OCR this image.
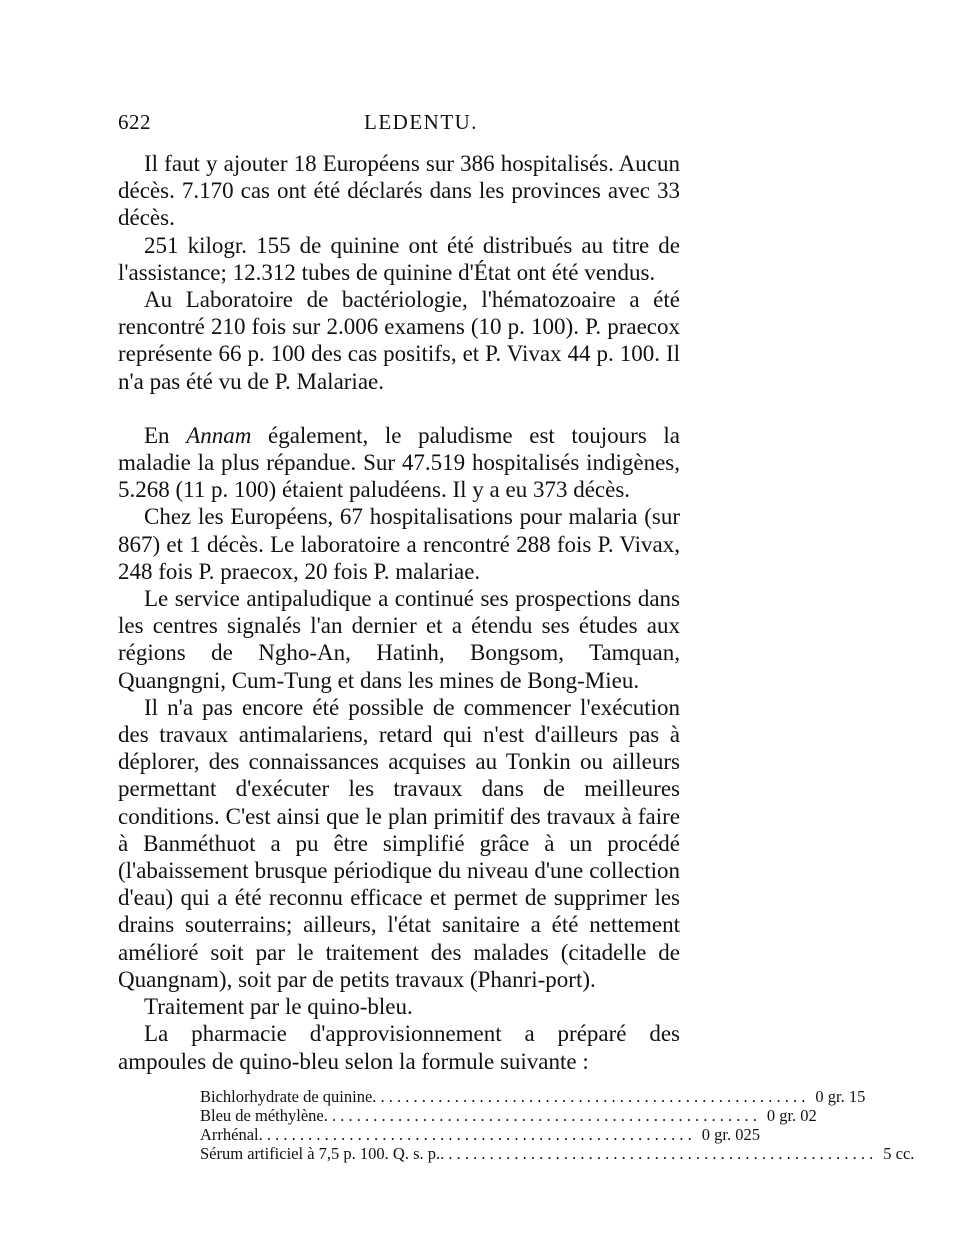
622	LEDENTU.

Il faut y ajouter 18 Européens sur 386 hospitalisés. Aucun décès. 7.170 cas ont été déclarés dans les provinces avec 33 décès.

251 kilogr. 155 de quinine ont été distribués au titre de l'assistance; 12.312 tubes de quinine d'État ont été vendus.

Au Laboratoire de bactériologie, l'hématozoaire a été rencontré 210 fois sur 2.006 examens (10 p. 100). P. praecox représente 66 p. 100 des cas positifs, et P. Vivax 44 p. 100. Il n'a pas été vu de P. Malariae.

En Annam également, le paludisme est toujours la maladie la plus répandue. Sur 47.519 hospitalisés indigènes, 5.268 (11 p. 100) étaient paludéens. Il y a eu 373 décès.

Chez les Européens, 67 hospitalisations pour malaria (sur 867) et 1 décès. Le laboratoire a rencontré 288 fois P. Vivax, 248 fois P. praecox, 20 fois P. malariae.

Le service antipaludique a continué ses prospections dans les centres signalés l'an dernier et a étendu ses études aux régions de Ngho-An, Hatinh, Bongsom, Tamquan, Quangngni, Cum-Tung et dans les mines de Bong-Mieu.

Il n'a pas encore été possible de commencer l'exécution des travaux antimalariens, retard qui n'est d'ailleurs pas à déplorer, des connaissances acquises au Tonkin ou ailleurs permettant d'exécuter les travaux dans de meilleures conditions. C'est ainsi que le plan primitif des travaux à faire à Banméthuot a pu être simplifié grâce à un procédé (l'abaissement brusque périodique du niveau d'une collection d'eau) qui a été reconnu efficace et permet de supprimer les drains souterrains; ailleurs, l'état sanitaire a été nettement amélioré soit par le traitement des malades (citadelle de Quangnam), soit par de petits travaux (Phanri-port).

Traitement par le quino-bleu.

La pharmacie d'approvisionnement a préparé des ampoules de quino-bleu selon la formule suivante :

Bichlorhydrate de quinine . . .	0 gr. 15
Bleu de méthylène . . .	0 gr. 02
Arrhénal . . .	0 gr. 025
Sérum artificiel à 7,5 p. 100. Q. s. p. . . .	5 cc.
